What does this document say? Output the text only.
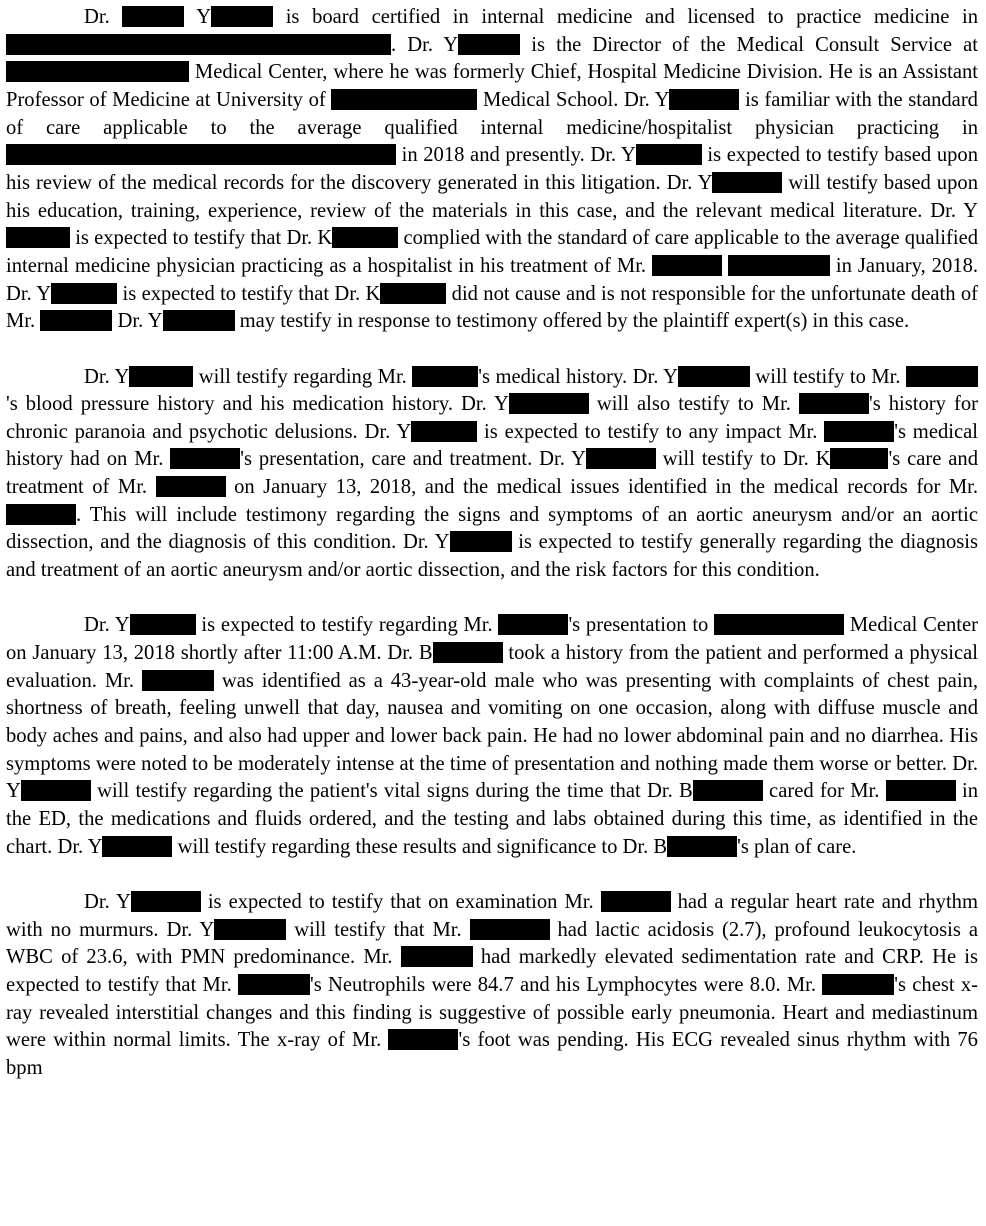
Dr.	Y	is board certified in internal medicine and licensed to practice medicine in . Dr. Y	is the Director of the Medical Consult Service at  Medical Center, where he was formerly Chief, Hospital Medicine Division. He is an Assistant Professor of Medicine at University of	Medical School. Dr. Y	is familiar with the standard of care applicable to the average qualified internal medicine/hospitalist physician practicing in  in 2018 and presently. Dr. Y	is expected to testify based upon his review of the medical records for the discovery generated in this litigation. Dr. Y	will testify based upon his education, training, experience, review of the materials in this case, and the relevant medical literature. Dr. Y is expected to testify that Dr. K	complied with the standard of care applicable to the average qualified internal medicine physician practicing as a hospitalist in his treatment of Mr.	in January, 2018. Dr. Y	is expected to testify that Dr. K	did not cause and is not responsible for the unfortunate death of Mr.	Dr. Y	may testify in response to testimony offered by the plaintiff expert(s) in this case.

Dr. Y	will testify regarding Mr.	's medical history. Dr. Y	will testify to Mr. 's blood pressure history and his medication history. Dr. Y	will also testify to Mr.	's history for chronic paranoia and psychotic delusions. Dr. Y	is expected to testify to any impact Mr.	's medical history had on Mr.	's presentation, care and treatment. Dr. Y	will testify to Dr. K	's care and treatment of Mr.	on January 13, 2018, and the medical issues identified in the medical records for Mr. . This will include testimony regarding the signs and symptoms of an aortic aneurysm and/or an aortic dissection, and the diagnosis of this condition. Dr. Y	is expected to testify generally regarding the diagnosis and treatment of an aortic aneurysm and/or aortic dissection, and the risk factors for this condition.

Dr. Y	is expected to testify regarding Mr.	's presentation to	Medical Center on January 13, 2018 shortly after 11:00 A.M. Dr. B	took a history from the patient and performed a physical evaluation. Mr.	was identified as a 43-year-old male who was presenting with complaints of chest pain, shortness of breath, feeling unwell that day, nausea and vomiting on one occasion, along with diffuse muscle and body aches and pains, and also had upper and lower back pain. He had no lower abdominal pain and no diarrhea. His symptoms were noted to be moderately intense at the time of presentation and nothing made them worse or better. Dr. Y	will testify regarding the patient's vital signs during the time that Dr. B	cared for Mr.	in the ED, the medications and fluids ordered, and the testing and labs obtained during this time, as identified in the chart. Dr. Y	will testify regarding these results and significance to Dr. B	's plan of care.

Dr. Y	is expected to testify that on examination Mr.	had a regular heart rate and rhythm with no murmurs. Dr. Y	will testify that Mr.	had lactic acidosis (2.7), profound leukocytosis a WBC of 23.6, with PMN predominance. Mr.	had markedly elevated sedimentation rate and CRP. He is expected to testify that Mr.	's Neutrophils were 84.7 and his Lymphocytes were 8.0. Mr.	's chest x-ray revealed interstitial changes and this finding is suggestive of possible early pneumonia. Heart and mediastinum were within normal limits. The x-ray of Mr.	's foot was pending. His ECG revealed sinus rhythm with 76 bpm
